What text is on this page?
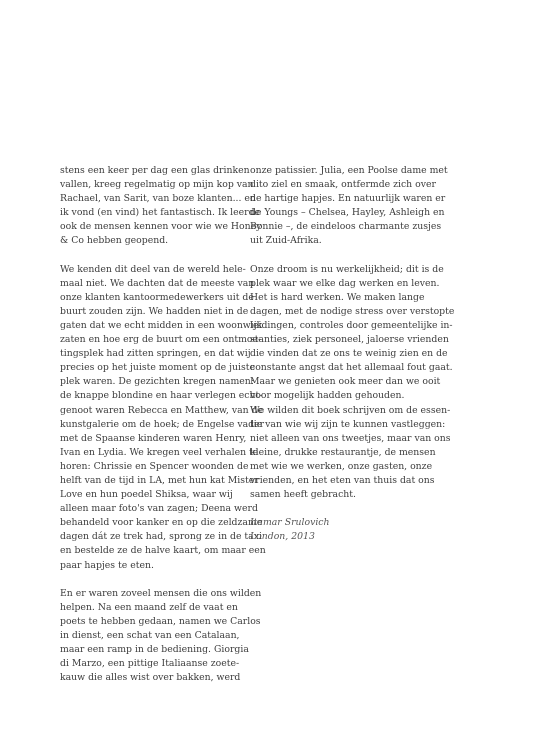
stens een keer per dag een glas drinken
vallen, kreeg regelmatig op mijn kop van
Rachael, van Sarit, van boze klanten... en
ik vond (en vind) het fantastisch. Ik leerde
ook de mensen kennen voor wie we Honey
& Co hebben geopend.
We kenden dit deel van de wereld hele-
maal niet. We dachten dat de meeste van
onze klanten kantoormedewerkers uit de
buurt zouden zijn. We hadden niet in de
gaten dat we echt midden in een woonwijk
zaten en hoe erg de buurt om een ontmoe-
tingsplek had zitten springen, en dat wij
precies op het juiste moment op de juiste
plek waren. De gezichten kregen namen:
de knappe blondine en haar verlegen echt-
genoot waren Rebecca en Matthew, van de
kunstgalerie om de hoek; de Engelse vader
met de Spaanse kinderen waren Henry,
Ivan en Lydia. We kregen veel verhalen te
horen: Chrissie en Spencer woonden de
helft van de tijd in LA, met hun kat Mister
Love en hun poedel Shiksa, waar wij
alleen maar foto's van zagen; Deena werd
behandeld voor kanker en op die zeldzame
dagen dát ze trek had, sprong ze in de taxi
en bestelde ze de halve kaart, om maar een
paar hapjes te eten.
En er waren zoveel mensen die ons wilden
helpen. Na een maand zelf de vaat en
poets te hebben gedaan, namen we Carlos
in dienst, een schat van een Catalaan,
maar een ramp in de bediening. Giorgia
di Marzo, een pittige Italiaanse zoete-
kauw die alles wist over bakken, werd
onze patissier. Julia, een Poolse dame met
dito ziel en smaak, ontfermde zich over
de hartige hapjes. En natuurlijk waren er
de Youngs – Chelsea, Hayley, Ashleigh en
Bonnie –, de eindeloos charmante zusjes
uit Zuid-Afrika.
Onze droom is nu werkelijkheid; dit is de
plek waar we elke dag werken en leven.
Het is hard werken. We maken lange
dagen, met de nodige stress over verstopte
leidingen, controles door gemeentelijke in-
stanties, ziek personeel, jaloerse vrienden
die vinden dat ze ons te weinig zien en de
constante angst dat het allemaal fout gaat.
Maar we genieten ook meer dan we ooit
voor mogelijk hadden gehouden.
We wilden dit boek schrijven om de essen-
tie van wie wij zijn te kunnen vastleggen:
niet alleen van ons tweetjes, maar van ons
kleine, drukke restaurantje, de mensen
met wie we werken, onze gasten, onze
vrienden, en het eten van thuis dat ons
samen heeft gebracht.
Itamar Srulovich
London, 2013
